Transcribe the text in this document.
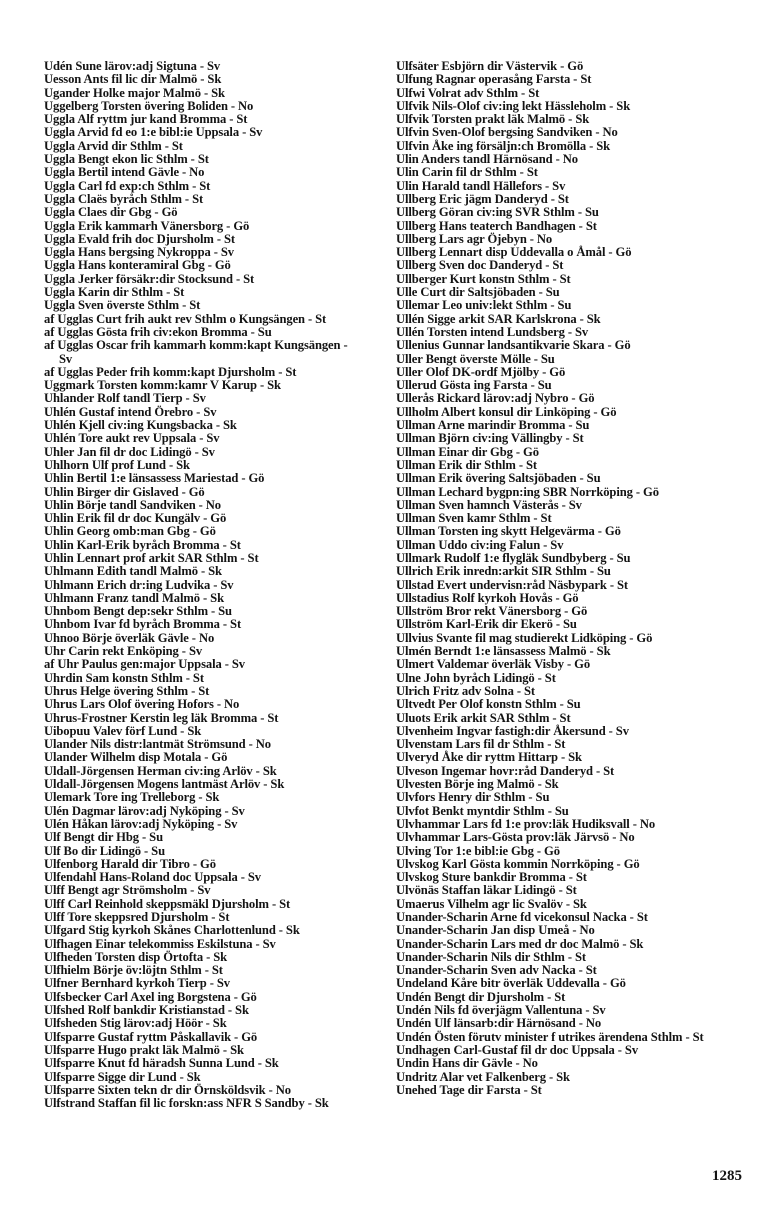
Udén Sune lärov:adj Sigtuna - Sv
Uesson Ants fil lic dir Malmö - Sk
Ugander Holke major Malmö - Sk
Uggelberg Torsten övering Boliden - No
Uggla Alf ryttm jur kand Bromma - St
Uggla Arvid fd eo 1:e bibl:ie Uppsala - Sv
Uggla Arvid dir Sthlm - St
Uggla Bengt ekon lic Sthlm - St
Uggla Bertil intend Gävle - No
Uggla Carl fd exp:ch Sthlm - St
Uggla Claës byråch Sthlm - St
Uggla Claes dir Gbg - Gö
Uggla Erik kammarh Vänersborg - Gö
Uggla Evald frih doc Djursholm - St
Uggla Hans bergsing Nykroppa - Sv
Uggla Hans konteramiral Gbg - Gö
Uggla Jerker försäkr:dir Stocksund - St
Uggla Karin dir Sthlm - St
Uggla Sven överste Sthlm - St
af Ugglas Curt frih aukt rev Sthlm o Kungsängen - St
af Ugglas Gösta frih civ:ekon Bromma - Su
af Ugglas Oscar frih kammarh komm:kapt Kungsängen - Sv
af Ugglas Peder frih komm:kapt Djursholm - St
Uggmark Torsten komm:kamr V Karup - Sk
Uhlander Rolf tandl Tierp - Sv
Uhlén Gustaf intend Örebro - Sv
Uhlén Kjell civ:ing Kungsbacka - Sk
Uhlén Tore aukt rev Uppsala - Sv
Uhler Jan fil dr doc Lidingö - Sv
Uhlhorn Ulf prof Lund - Sk
Uhlin Bertil 1:e länsassess Mariestad - Gö
Uhlin Birger dir Gislaved - Gö
Uhlin Börje tandl Sandviken - No
Uhlin Erik fil dr doc Kungälv - Gö
Uhlin Georg omb:man Gbg - Gö
Uhlin Karl-Erik byråch Bromma - St
Uhlin Lennart prof arkit SAR Sthlm - St
Uhlmann Edith tandl Malmö - Sk
Uhlmann Erich dr:ing Ludvika - Sv
Uhlmann Franz tandl Malmö - Sk
Uhnbom Bengt dep:sekr Sthlm - Su
Uhnbom Ivar fd byråch Bromma - St
Uhnoo Börje överläk Gävle - No
Uhr Carin rekt Enköping - Sv
af Uhr Paulus gen:major Uppsala - Sv
Uhrdin Sam konstn Sthlm - St
Uhrus Helge övering Sthlm - St
Uhrus Lars Olof övering Hofors - No
Uhrus-Frostner Kerstin leg läk Bromma - St
Uibopuu Valev förf Lund - Sk
Ulander Nils distr:lantmät Strömsund - No
Ulander Wilhelm disp Motala - Gö
Uldall-Jörgensen Herman civ:ing Arlöv - Sk
Uldall-Jörgensen Mogens lantmäst Arlöv - Sk
Ulemark Tore ing Trelleborg - Sk
Ulén Dagmar lärov:adj Nyköping - Sv
Ulén Håkan lärov:adj Nyköping - Sv
Ulf Bengt dir Hbg - Su
Ulf Bo dir Lidingö - Su
Ulfenborg Harald dir Tibro - Gö
Ulfendahl Hans-Roland doc Uppsala - Sv
Ulff Bengt agr Strömsholm - Sv
Ulff Carl Reinhold skeppsmäkl Djursholm - St
Ulff Tore skeppsred Djursholm - St
Ulfgard Stig kyrkoh Skånes Charlottenlund - Sk
Ulfhagen Einar telekommiss Eskilstuna - Sv
Ulfheden Torsten disp Örtofta - Sk
Ulfhielm Börje öv:löjtn Sthlm - St
Ulfner Bernhard kyrkoh Tierp - Sv
Ulfsbecker Carl Axel ing Borgstena - Gö
Ulfshed Rolf bankdir Kristianstad - Sk
Ulfsheden Stig lärov:adj Höör - Sk
Ulfsparre Gustaf ryttm Påskallavik - Gö
Ulfsparre Hugo prakt läk Malmö - Sk
Ulfsparre Knut fd häradsh Sunna Lund - Sk
Ulfsparre Sigge dir Lund - Sk
Ulfsparre Sixten tekn dr dir Örnsköldsvik - No
Ulfstrand Staffan fil lic forskn:ass NFR S Sandby - Sk
Ulfsäter Esbjörn dir Västervik - Gö
Ulfung Ragnar operasång Farsta - St
Ulfwi Volrat adv Sthlm - St
Ulfvik Nils-Olof civ:ing lekt Hässleholm - Sk
Ulfvik Torsten prakt läk Malmö - Sk
Ulfvin Sven-Olof bergsing Sandviken - No
Ulfvin Åke ing försäljn:ch Bromölla - Sk
Ulin Anders tandl Härnösand - No
Ulin Carin fil dr Sthlm - St
Ulin Harald tandl Hällefors - Sv
Ullberg Eric jägm Danderyd - St
Ullberg Göran civ:ing SVR Sthlm - Su
Ullberg Hans teaterch Bandhagen - St
Ullberg Lars agr Öjebyn - No
Ullberg Lennart disp Uddevalla o Åmål - Gö
Ullberg Sven doc Danderyd - St
Ullberger Kurt konstn Sthlm - St
Ulle Curt dir Saltsjöbaden - Su
Ullemar Leo univ:lekt Sthlm - Su
Ullén Sigge arkit SAR Karlskrona - Sk
Ullén Torsten intend Lundsberg - Sv
Ullenius Gunnar landsantikvarie Skara - Gö
Uller Bengt överste Mölle - Su
Uller Olof DK-ordf Mjölby - Gö
Ullerud Gösta ing Farsta - Su
Ullerås Rickard lärov:adj Nybro - Gö
Ullholm Albert konsul dir Linköping - Gö
Ullman Arne marindir Bromma - Su
Ullman Björn civ:ing Vällingby - St
Ullman Einar dir Gbg - Gö
Ullman Erik dir Sthlm - St
Ullman Erik övering Saltsjöbaden - Su
Ullman Lechard bygpn:ing SBR Norrköping - Gö
Ullman Sven hamnch Västerås - Sv
Ullman Sven kamr Sthlm - St
Ullman Torsten ing skytt Helgevärma - Gö
Ullman Uddo civ:ing Falun - Sv
Ullmark Rudolf 1:e flygläk Sundbyberg - Su
Ullrich Erik inredn:arkit SIR Sthlm - Su
Ullstad Evert undervisn:råd Näsbypark - St
Ullstadius Rolf kyrkoh Hovås - Gö
Ullström Bror rekt Vänersborg - Gö
Ullström Karl-Erik dir Ekerö - Su
Ullvius Svante fil mag studierekt Lidköping - Gö
Ulmén Berndt 1:e länsassess Malmö - Sk
Ulmert Valdemar överläk Visby - Gö
Ulne John byråch Lidingö - St
Ulrich Fritz adv Solna - St
Ultvedt Per Olof konstn Sthlm - Su
Uluots Erik arkit SAR Sthlm - St
Ulvenheim Ingvar fastigh:dir Åkersund - Sv
Ulvenstam Lars fil dr Sthlm - St
Ulveryd Åke dir ryttm Hittarp - Sk
Ulveson Ingemar hovr:råd Danderyd - St
Ulvesten Börje ing Malmö - Sk
Ulvfors Henry dir Sthlm - Su
Ulvfot Benkt myntdir Sthlm - Su
Ulvhammar Lars fd 1:e prov:läk Hudiksvall - No
Ulvhammar Lars-Gösta prov:läk Järvsö - No
Ulving Tor 1:e bibl:ie Gbg - Gö
Ulvskog Karl Gösta kommin Norrköping - Gö
Ulvskog Sture bankdir Bromma - St
Ulvönäs Staffan läkar Lidingö - St
Umaerus Vilhelm agr lic Svalöv - Sk
Unander-Scharin Arne fd vicekonsul Nacka - St
Unander-Scharin Jan disp Umeå - No
Unander-Scharin Lars med dr doc Malmö - Sk
Unander-Scharin Nils dir Sthlm - St
Unander-Scharin Sven adv Nacka - St
Undeland Kåre bitr överläk Uddevalla - Gö
Undén Bengt dir Djursholm - St
Undén Nils fd överjägm Vallentuna - Sv
Undén Ulf länsarb:dir Härnösand - No
Undén Östen förutv minister f utrikes ärendena Sthlm - St
Undhagen Carl-Gustaf fil dr doc Uppsala - Sv
Undin Hans dir Gävle - No
Undritz Alar vet Falkenberg - Sk
Unehed Tage dir Farsta - St
1285
